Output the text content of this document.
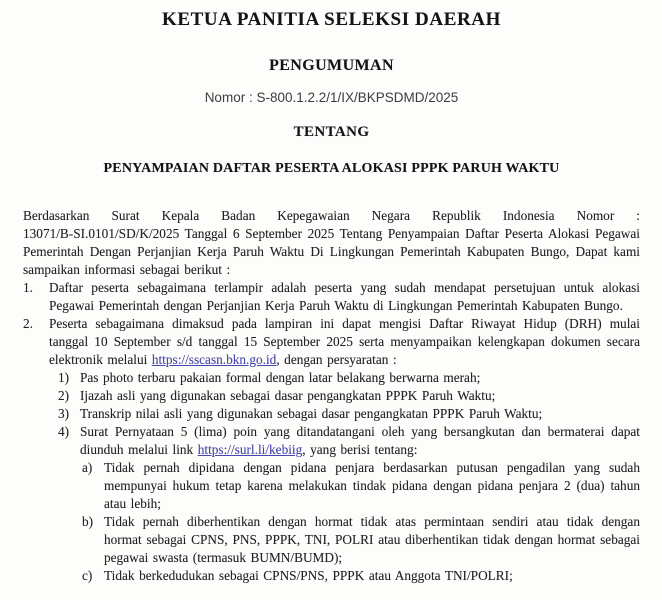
KETUA PANITIA SELEKSI DAERAH
PENGUMUMAN
Nomor : S-800.1.2.2/1/IX/BKPSDMD/2025
TENTANG
PENYAMPAIAN DAFTAR PESERTA ALOKASI PPPK PARUH WAKTU

Berdasarkan Surat Kepala Badan Kepegawaian Negara Republik Indonesia Nomor :
13071/B-SI.0101/SD/K/2025 Tanggal 6 September 2025 Tentang Penyampaian Daftar Peserta Alokasi Pegawai Pemerintah Dengan Perjanjian Kerja Paruh Waktu Di Lingkungan Pemerintah Kabupaten Bungo, Dapat kami sampaikan informasi sebagai berikut :

1.	Daftar peserta sebagaimana terlampir adalah peserta yang sudah mendapat persetujuan untuk alokasi Pegawai Pemerintah dengan Perjanjian Kerja Paruh Waktu di Lingkungan Pemerintah Kabupaten Bungo.
2.	Peserta sebagaimana dimaksud pada lampiran ini dapat mengisi Daftar Riwayat Hidup (DRH) mulai tanggal 10 September s/d tanggal 15 September 2025 serta menyampaikan kelengkapan dokumen secara elektronik melalui https://sscasn.bkn.go.id, dengan persyaratan :
1) Pas photo terbaru pakaian formal dengan latar belakang berwarna merah;
2) Ijazah asli yang digunakan sebagai dasar pengangkatan PPPK Paruh Waktu;
3) Transkrip nilai asli yang digunakan sebagai dasar pengangkatan PPPK Paruh Waktu;
4) Surat Pernyataan 5 (lima) poin yang ditandatangani oleh yang bersangkutan dan bermaterai dapat diunduh melalui link https://surl.li/kebiig, yang berisi tentang:
a) Tidak pernah dipidana dengan pidana penjara berdasarkan putusan pengadilan yang sudah mempunyai hukum tetap karena melakukan tindak pidana dengan pidana penjara 2 (dua) tahun atau lebih;
b) Tidak pernah diberhentikan dengan hormat tidak atas permintaan sendiri atau tidak dengan hormat sebagai CPNS, PNS, PPPK, TNI, POLRI atau diberhentikan tidak dengan hormat sebagai pegawai swasta (termasuk BUMN/BUMD);
c) Tidak berkedudukan sebagai CPNS/PNS, PPPK atau Anggota TNI/POLRI;
